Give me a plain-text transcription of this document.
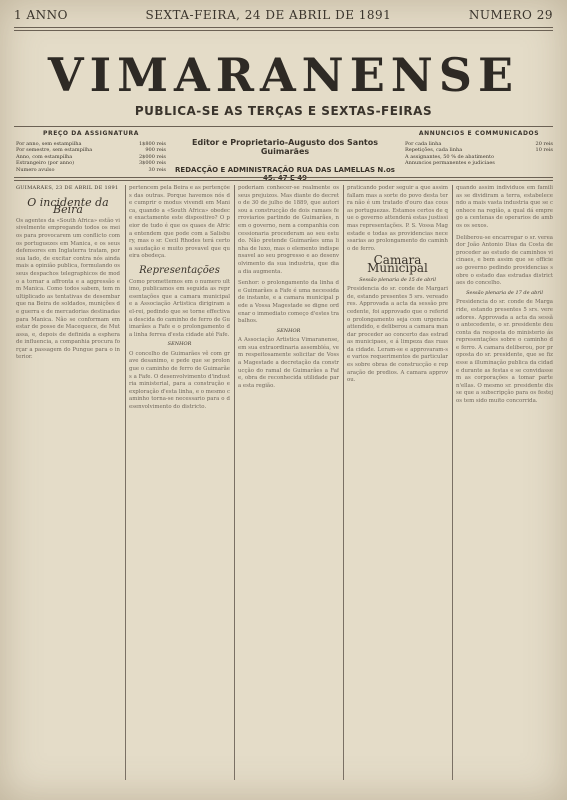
1 ANNO	SEXTA-FEIRA, 24 DE ABRIL DE 1891	NUMERO 29
VIMARANENSE
PUBLICA-SE AS TERÇAS E SEXTAS-FEIRAS
PREÇO DA ASSIGNATURA
Por anno, sem estampilha	1$800 reis
Por semestre, sem estampilha	900 reis
Anno, com estampilha	2$000 reis
Estrangeiro (por anno)	3$000 reis
Numero avulso	30 reis
Editor e Proprietario-Augusto dos Santos Guimarães
REDACÇÃO E ADMINISTRAÇÃO RUA DAS LAMELLAS N.os 45, 47 E 49
ANNUNCIOS E COMMUNICADOS
Por cada linha	20 reis
Repetições, cada linha	10 reis
A assignantes, 50 % de abatimento
Annuncios permanentes e judiciaes
GUIMARÃES, 23 DE ABRIL DE 1891
O incidente da Beira
Os agentes da «South Africa» estão visivelmente empregando todos os meios para provocarem um conflicto com os portuguezes em Manica, e os seus defensores em Inglaterra tratam, por sua lado, de excitar contra nós ainda mais a opinião publica, formulando os seus despachos telegraphicos de modo a tornar a affronta e a aggressão em Manica. Como todos sabem, tem multiplicado as tentativas de desembarque na Beira de soldados, munições de guerra e de mercadorias destinadas para Manica. Não se conformam em estar de posse de Macequece, de Mutassa, e, depois de definida a esphera de influencia, a companhia procura forçar a passagem do Pungue para o interior.
pertencem pela Beira e as pertenções das outras. Porque havemos nós de cumprir o modus vivendi em Manica, quando a «South Africa» obedece exactamente este dispositivo? O peior de tudo é que os quaes de Africa entendem que pode com a Salisbury, mas o sr. Cecil Rhodes terá certo a saudação e muito provavel que queira obedeça.
Representações
Como promettemos em o numero ultimo, publicamos em seguida as representações que a camara municipal e a Associação Artistica dirigiram a el-rei, pedindo que se torne effectiva a descida do caminho de ferro de Guimarães a Fafe e o prolongamento da linha ferrea d'esta cidade até Fafe.
SENHOR
O concelho de Guimarães vê com grave desanimo, e pede que se prolongue o caminho de ferro de Guimarães a Fafe. O desenvolvimento d'industria ministerial, para a construção e exploração d'esta linha, e o mesmo caminho torna-se necessario para o desenvolvimento do districto.
poderiam conhecer-se realmente os seus prejuizos. Mas diante do decreto de 30 de julho de 1889, que autorisou a construcção de dois ramaes ferroviarios partindo de Guimarães, nem o governo, nem a companhia concessionaria procederam ao seu estudo. Não pretende Guimarães uma linha de luxo, mas o elemento indispensavel ao seu progresso e ao desenvolvimento da sua industria, que dia a dia augmenta.
Senhor: o prolongamento da linha de Guimarães a Fafe é uma necessidade instante, e a camara municipal pede a Vossa Magestade se digne ordenar o immediato começo d'estes trabalhos.
SENHOR
A Associação Artistica Vimaranense, em sua extraordinaria assembléa, vem respeitosamente solicitar de Vossa Magestade a decretação da construcção do ramal de Guimarães a Fafe, obra de reconhecida utilidade para esta região.
praticando poder seguir a que assim fallam mas a sorte do povo desta terra não é um tratado d'ouro das cousas portuguezas. Estamos certos de que o governo attenderá estas justissimas representações. P. S. Vossa Magestade e todas as providencias necessarias ao prolongamento do caminho de ferro.
Camara Municipal
Sessão plenaria de 15 de abril
Presidencia do sr. conde de Margaride, estando presentes 5 srs. vereadores. Approvada a acta da sessão precedente, foi approvado que o referido prolongamento seja com urgencia attendido, e deliberou a camara mandar proceder ao concerto das estradas municipaes, e á limpeza das ruas da cidade. Leram-se e approvaram-se varios requerimentos de particulares sobre obras de construcção e reparação de predios. A camara approvou.
quando assim individuos em familias se dividiram a terra, estabelecendo a mais vasta industria que se conhece na região, a qual dá emprego a centenas de operarios de ambos os sexos.
Deliberou-se encarregar o sr. vereador João Antonio Dias da Costa de proceder ao estudo de caminhos vicinaes, e bem assim que se officie ao governo pedindo providencias sobre o estado das estradas districtaes do concelho.
Sessão plenaria de 17 de abril
Presidencia do sr. conde de Margaride, estando presentes 5 srs. vereadores. Approvada a acta da sessão antecedente, o sr. presidente deu conta da resposta do ministerio ás representações sobre o caminho de ferro. A camara deliberou, por proposta do sr. presidente, que se fizesse a illuminação publica da cidade durante as festas e se convidassem as corporações a tomar parte n'ellas. O mesmo sr. presidente disse que a subscripção para os festejos tem sido muito concorrida.
